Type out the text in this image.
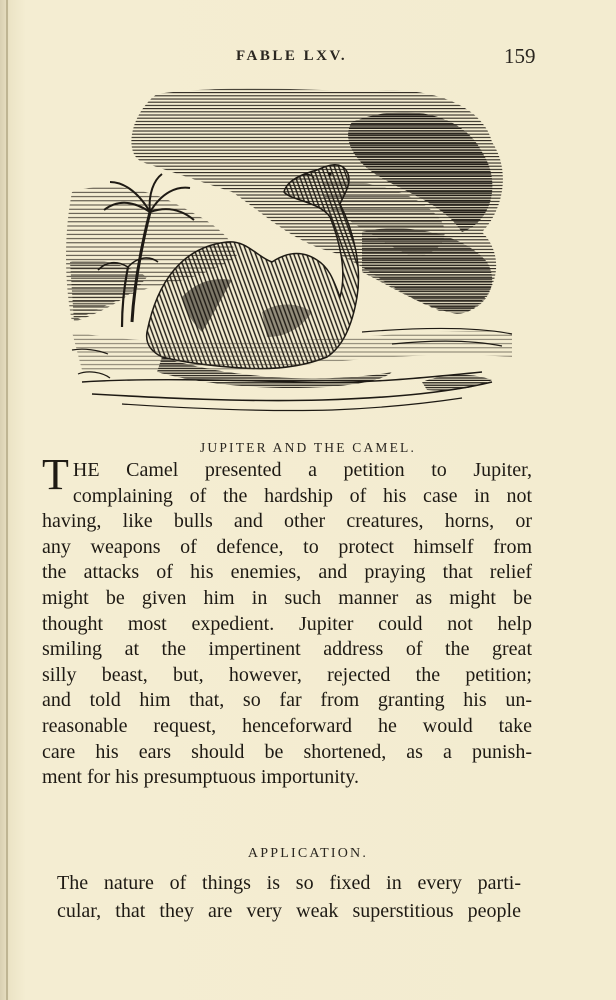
FABLE LXV.	159
JUPITER AND THE CAMEL.
T HE Camel presented a petition to Jupiter,
complaining of the hardship of his case in not
having, like bulls and other creatures, horns, or
any weapons of defence, to protect himself from
the attacks of his enemies, and praying that relief
might be given him in such manner as might be
thought most expedient. Jupiter could not help
smiling at the impertinent address of the great
silly beast, but, however, rejected the petition;
and told him that, so far from granting his un-
reasonable request, henceforward he would take
care his ears should be shortened, as a punish-
ment for his presumptuous importunity.
APPLICATION.
The nature of things is so fixed in every parti-
cular, that they are very weak superstitious people
